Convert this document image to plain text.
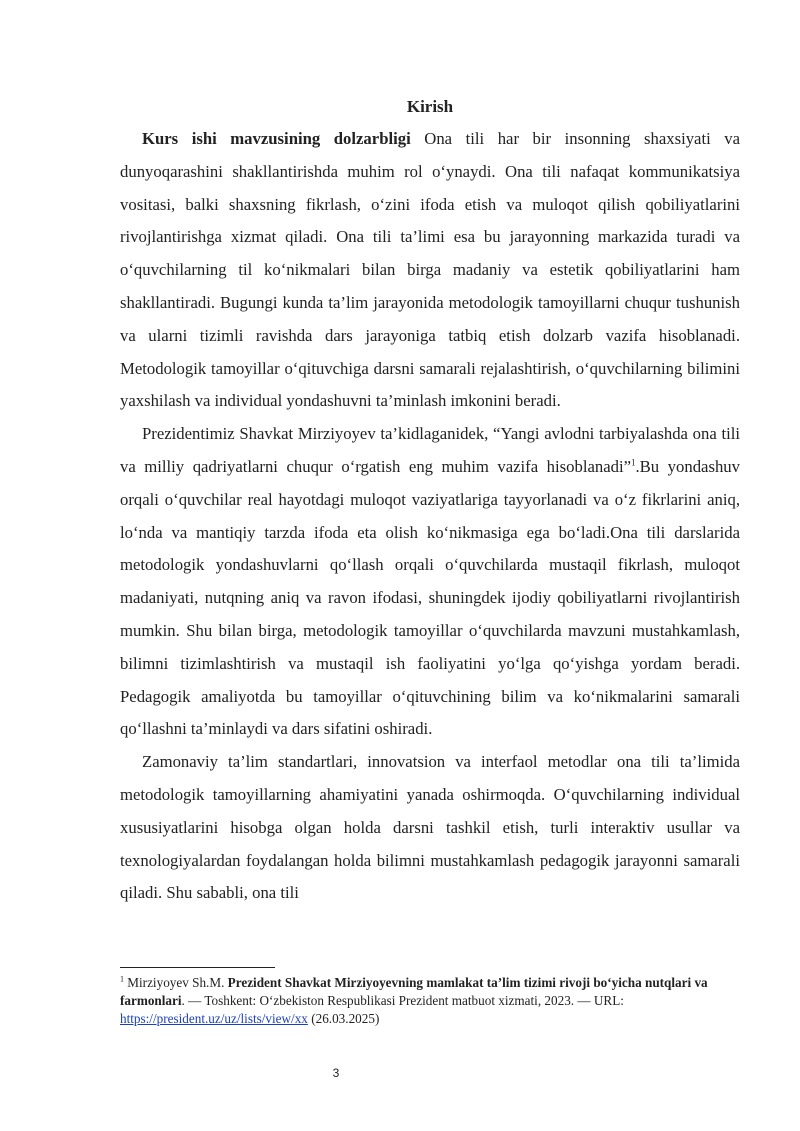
Kirish

Kurs ishi mavzusining dolzarbligi Ona tili har bir insonning shaxsiyati va dunyoqarashini shakllantirishda muhim rol o‘ynaydi. Ona tili nafaqat kommunikatsiya vositasi, balki shaxsning fikrlash, o‘zini ifoda etish va muloqot qilish qobiliyatlarini rivojlantirishga xizmat qiladi. Ona tili ta’limi esa bu jarayonning markazida turadi va o‘quvchilarning til ko‘nikmalari bilan birga madaniy va estetik qobiliyatlarini ham shakllantiradi. Bugungi kunda ta’lim jarayonida metodologik tamoyillarni chuqur tushunish va ularni tizimli ravishda dars jarayoniga tatbiq etish dolzarb vazifa hisoblanadi. Metodologik tamoyillar o‘qituvchiga darsni samarali rejalashtirish, o‘quvchilarning bilimini yaxshilash va individual yondashuvni ta’minlash imkonini beradi.

Prezidentimiz Shavkat Mirziyoyev ta’kidlaganidek, “Yangi avlodni tarbiyalashda ona tili va milliy qadriyatlarni chuqur o‘rgatish eng muhim vazifa hisoblanadi”$^1$.Bu yondashuv orqali o‘quvchilar real hayotdagi muloqot vaziyatlariga tayyorlanadi va o‘z fikrlarini aniq, lo‘nda va mantiqiy tarzda ifoda eta olish ko‘nikmasiga ega bo‘ladi.Ona tili darslarida metodologik yondashuvlarni qo‘llash orqali o‘quvchilarda mustaqil fikrlash, muloqot madaniyati, nutqning aniq va ravon ifodasi, shuningdek ijodiy qobiliyatlarni rivojlantirish mumkin. Shu bilan birga, metodologik tamoyillar o‘quvchilarda mavzuni mustahkamlash, bilimni tizimlashtirish va mustaqil ish faoliyatini yo‘lga qo‘yishga yordam beradi. Pedagogik amaliyotda bu tamoyillar o‘qituvchining bilim va ko‘nikmalarini samarali qo‘llashni ta’minlaydi va dars sifatini oshiradi.

Zamonaviy ta’lim standartlari, innovatsion va interfaol metodlar ona tili ta’limida metodologik tamoyillarning ahamiyatini yanada oshirmoqda. O‘quvchilarning individual xususiyatlarini hisobga olgan holda darsni tashkil etish, turli interaktiv usullar va texnologiyalardan foydalangan holda bilimni mustahkamlash pedagogik jarayonni samarali qiladi. Shu sababli, ona tili

$^1$ Mirziyoyev Sh.M. Prezident Shavkat Mirziyoyevning mamlakat ta’lim tizimi rivoji bo‘yicha nutqlari va farmonlari. — Toshkent: O‘zbekiston Respublikasi Prezident matbuot xizmati, 2023. — URL: https://president.uz/uz/lists/view/xx (26.03.2025)
3
